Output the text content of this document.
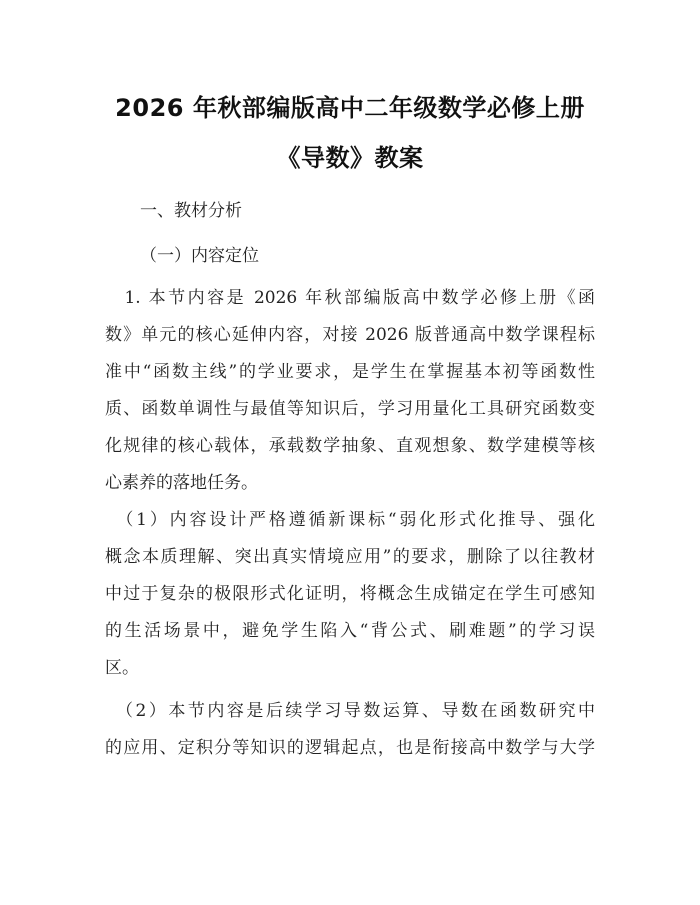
2026 年秋部编版高中二年级数学必修上册
《导数》教案

一、教材分析

（一）内容定位

　1. 本节内容是 2026 年秋部编版高中数学必修上册《函
数》单元的核心延伸内容，对接 2026 版普通高中数学课程标
准中“函数主线”的学业要求，是学生在掌握基本初等函数性
质、函数单调性与最值等知识后，学习用量化工具研究函数变
化规律的核心载体，承载数学抽象、直观想象、数学建模等核
心素养的落地任务。
　（1）内容设计严格遵循新课标“弱化形式化推导、强化
概念本质理解、突出真实情境应用”的要求，删除了以往教材
中过于复杂的极限形式化证明，将概念生成锚定在学生可感知
的生活场景中，避免学生陷入“背公式、刷难题”的学习误
区。
　（2）本节内容是后续学习导数运算、导数在函数研究中
的应用、定积分等知识的逻辑起点，也是衔接高中数学与大学
